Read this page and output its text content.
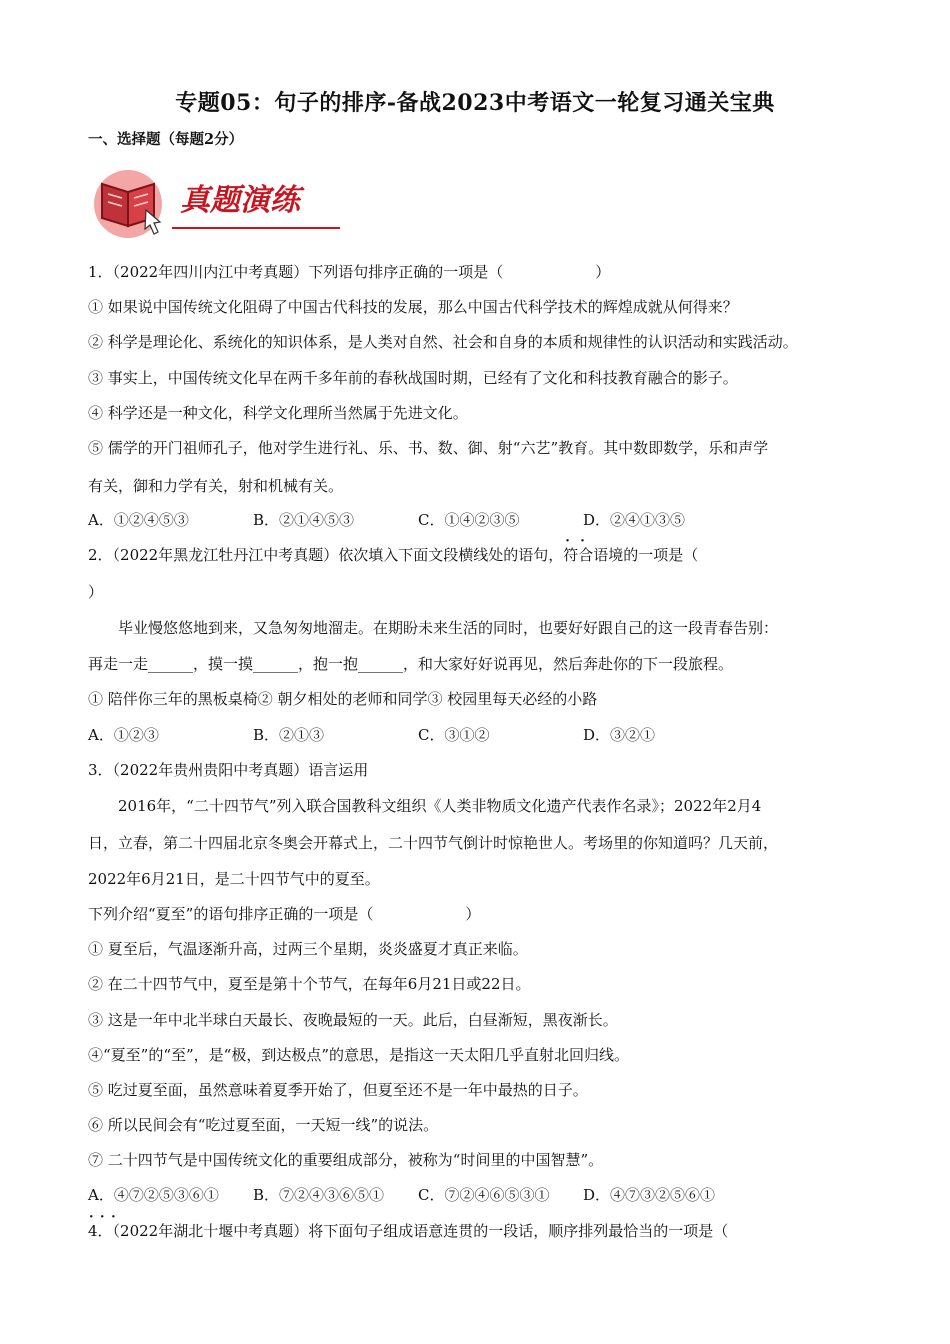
专题05：句子的排序-备战2023中考语文一轮复习通关宝典
一、选择题（每题2分）
真题演练
1．（2022年四川内江中考真题）下列语句排序正确的一项是（	）
① 如果说中国传统文化阻碍了中国古代科技的发展，那么中国古代科学技术的辉煌成就从何得来？
② 科学是理论化、系统化的知识体系，是人类对自然、社会和自身的本质和规律性的认识活动和实践活动。
③ 事实上，中国传统文化早在两千多年前的春秋战国时期，已经有了文化和科技教育融合的影子。
④ 科学还是一种文化，科学文化理所当然属于先进文化。
⑤ 儒学的开门祖师孔子，他对学生进行礼、乐、书、数、御、射“六艺”教育。其中数即数学，乐和声学
有关，御和力学有关，射和机械有关。
A．①②④⑤③	B．②①④⑤③	C．①④②③⑤	D．②④①③⑤
2．（2022年黑龙江牡丹江中考真题）依次填入下面文段横线处的语句，· · 符合语境的一项是（
）
毕业慢悠悠地到来，又急匆匆地溜走。在期盼未来生活的同时，也要好好跟自己的这一段青春告别：
再走一走______，摸一摸______，抱一抱______，和大家好好说再见，然后奔赴你的下一段旅程。
① 陪伴你三年的黑板桌椅② 朝夕相处的老师和同学③ 校园里每天必经的小路
A．①②③	B．②①③	C．③①②	D．③②①
3．（2022年贵州贵阳中考真题）语言运用
2016年，“二十四节气”列入联合国教科文组织《人类非物质文化遗产代表作名录》；2022年2月4
日，立春，第二十四届北京冬奥会开幕式上，二十四节气倒计时惊艳世人。考场里的你知道吗？几天前，
2022年6月21日，是二十四节气中的夏至。
下列介绍“夏至”的语句排序正确的一项是（	）
① 夏至后，气温逐渐升高，过两三个星期，炎炎盛夏才真正来临。
② 在二十四节气中，夏至是第十个节气，在每年6月21日或22日。
③ 这是一年中北半球白天最长、夜晚最短的一天。此后，白昼渐短，黑夜渐长。
④“夏至”的“至”，是“极，到达极点”的意思，是指这一天太阳几乎直射北回归线。
⑤ 吃过夏至面，虽然意味着夏季开始了，但夏至还不是一年中最热的日子。
⑥ 所以民间会有“吃过夏至面，一天短一线”的说法。
⑦ 二十四节气是中国传统文化的重要组成部分，被称为“时间里的中国智慧”。
A．④⑦②⑤③⑥① B．⑦②④③⑥⑤① C．⑦②④⑥⑤③① D．④⑦③②⑤⑥①
4．（2022年湖北十堰中考真题）将下面句子组成语意连贯的一段话，顺序排列· · · 最恰当的一项是（
